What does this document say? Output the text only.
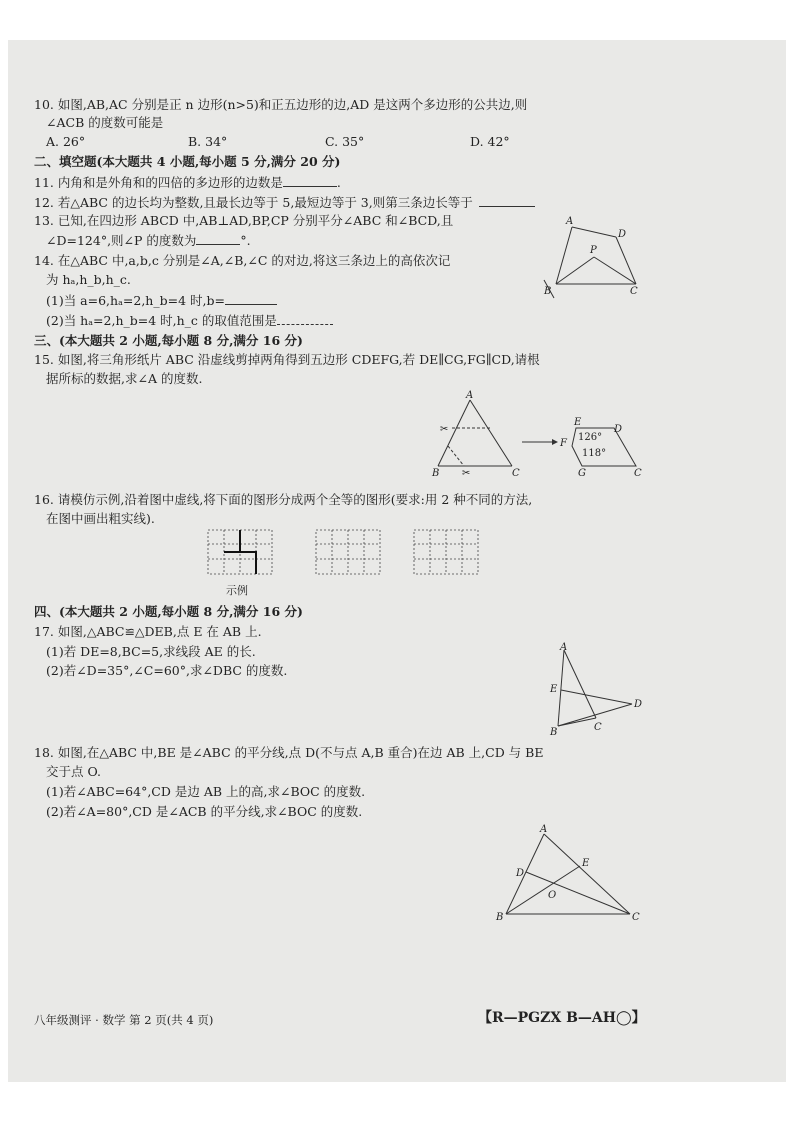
10. 如图,AB,AC 分别是正 n 边形(n>5)和正五边形的边,AD 是这两个多边形的公共边,则
∠ACB 的度数可能是
A. 26°	B. 34°	C. 35°	D. 42°
二、填空题(本大题共 4 小题,每小题 5 分,满分 20 分)
11. 内角和是外角和的四倍的多边形的边数是	.
12. 若△ABC 的边长均为整数,且最长边等于 5,最短边等于 3,则第三条边长等于
13. 已知,在四边形 ABCD 中,AB⊥AD,BP,CP 分别平分∠ABC 和∠BCD,且
∠D=124°,则∠P 的度数为	°.
A
D
P
B	C
14. 在△ABC 中,a,b,c 分别是∠A,∠B,∠C 的对边,将这三条边上的高依次记
为 hₐ,h_b,h_c.
(1)当 a=6,hₐ=2,h_b=4 时,b=
(2)当 hₐ=2,h_b=4 时,h_c 的取值范围是
三、(本大题共 2 小题,每小题 8 分,满分 16 分)
15. 如图,将三角形纸片 ABC 沿虚线剪掉两角得到五边形 CDEFG,若 DE∥CG,FG∥CD,请根
据所标的数据,求∠A 的度数.
✂
✂
A
B	C
E
D
F
G	C
126°
118°
16. 请模仿示例,沿着图中虚线,将下面的图形分成两个全等的图形(要求:用 2 种不同的方法,
在图中画出粗实线).
示例
四、(本大题共 2 小题,每小题 8 分,满分 16 分)
17. 如图,△ABC≌△DEB,点 E 在 AB 上.
(1)若 DE=8,BC=5,求线段 AE 的长.
(2)若∠D=35°,∠C=60°,求∠DBC 的度数.
A
E
D
B	C
18. 如图,在△ABC 中,BE 是∠ABC 的平分线,点 D(不与点 A,B 重合)在边 AB 上,CD 与 BE
交于点 O.
(1)若∠ABC=64°,CD 是边 AB 上的高,求∠BOC 的度数.
(2)若∠A=80°,CD 是∠ACB 的平分线,求∠BOC 的度数.
A
E
D
O
B	C
八年级测评 · 数学 第 2 页(共 4 页)	【R—PGZX B—AH◯】
